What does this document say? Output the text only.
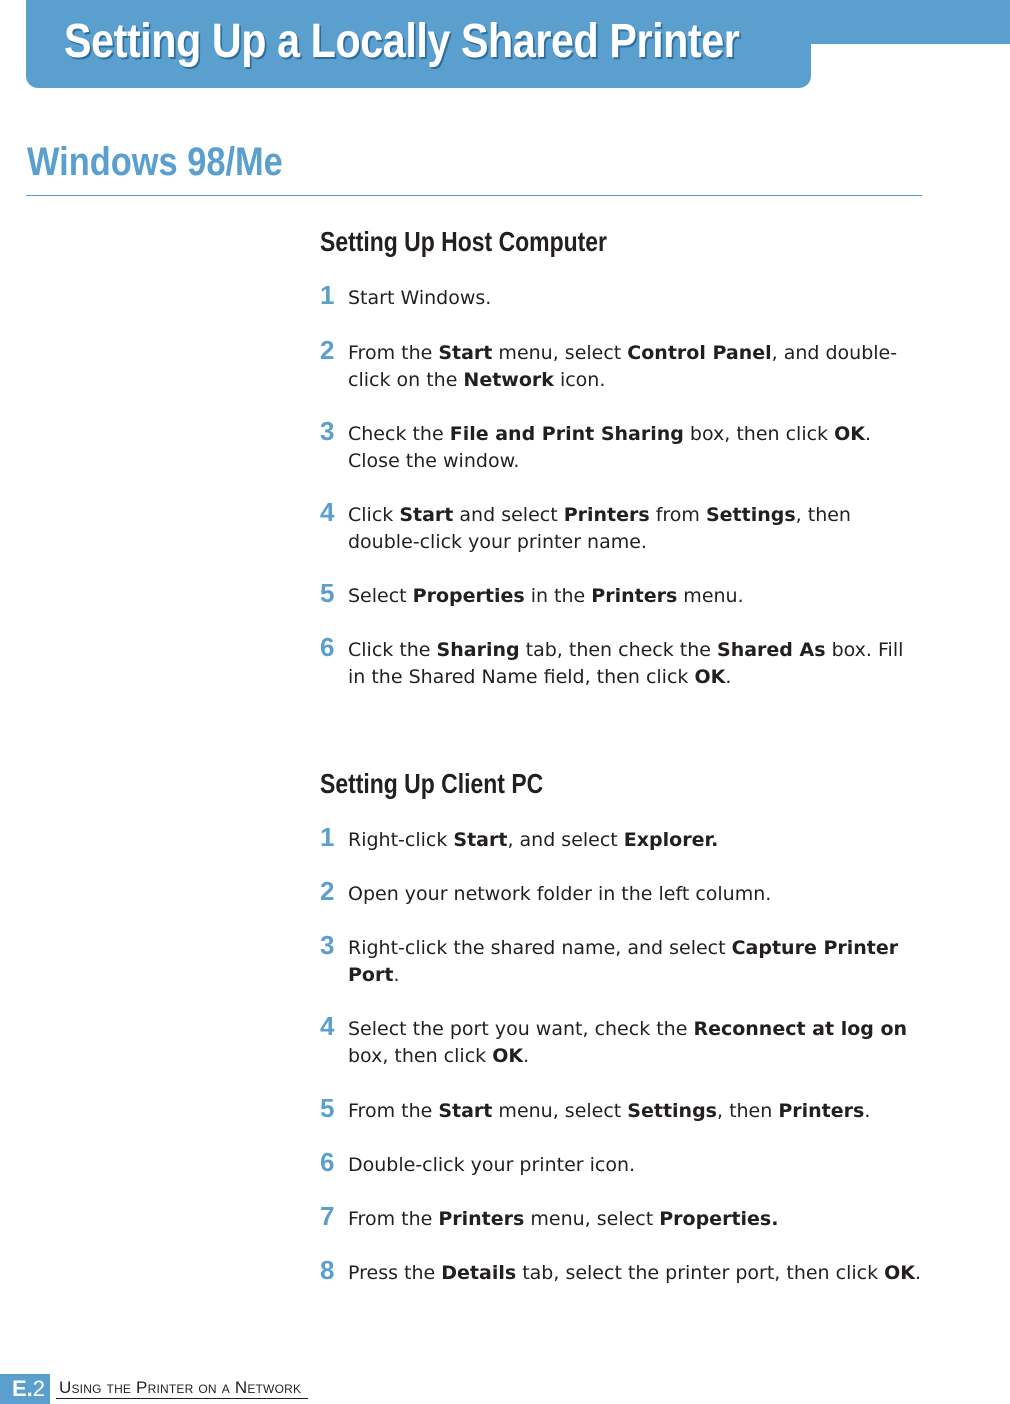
Setting Up a Locally Shared Printer
Windows 98/Me
Setting Up Host Computer
1 Start Windows.
2 From the Start menu, select Control Panel, and double-click on the Network icon.
3 Check the File and Print Sharing box, then click OK. Close the window.
4 Click Start and select Printers from Settings, then double-click your printer name.
5 Select Properties in the Printers menu.
6 Click the Sharing tab, then check the Shared As box. Fill in the Shared Name field, then click OK.
Setting Up Client PC
1 Right-click Start, and select Explorer.
2 Open your network folder in the left column.
3 Right-click the shared name, and select Capture Printer Port.
4 Select the port you want, check the Reconnect at log on box, then click OK.
5 From the Start menu, select Settings, then Printers.
6 Double-click your printer icon.
7 From the Printers menu, select Properties.
8 Press the Details tab, select the printer port, then click OK.
E.2 Using the Printer on a Network
